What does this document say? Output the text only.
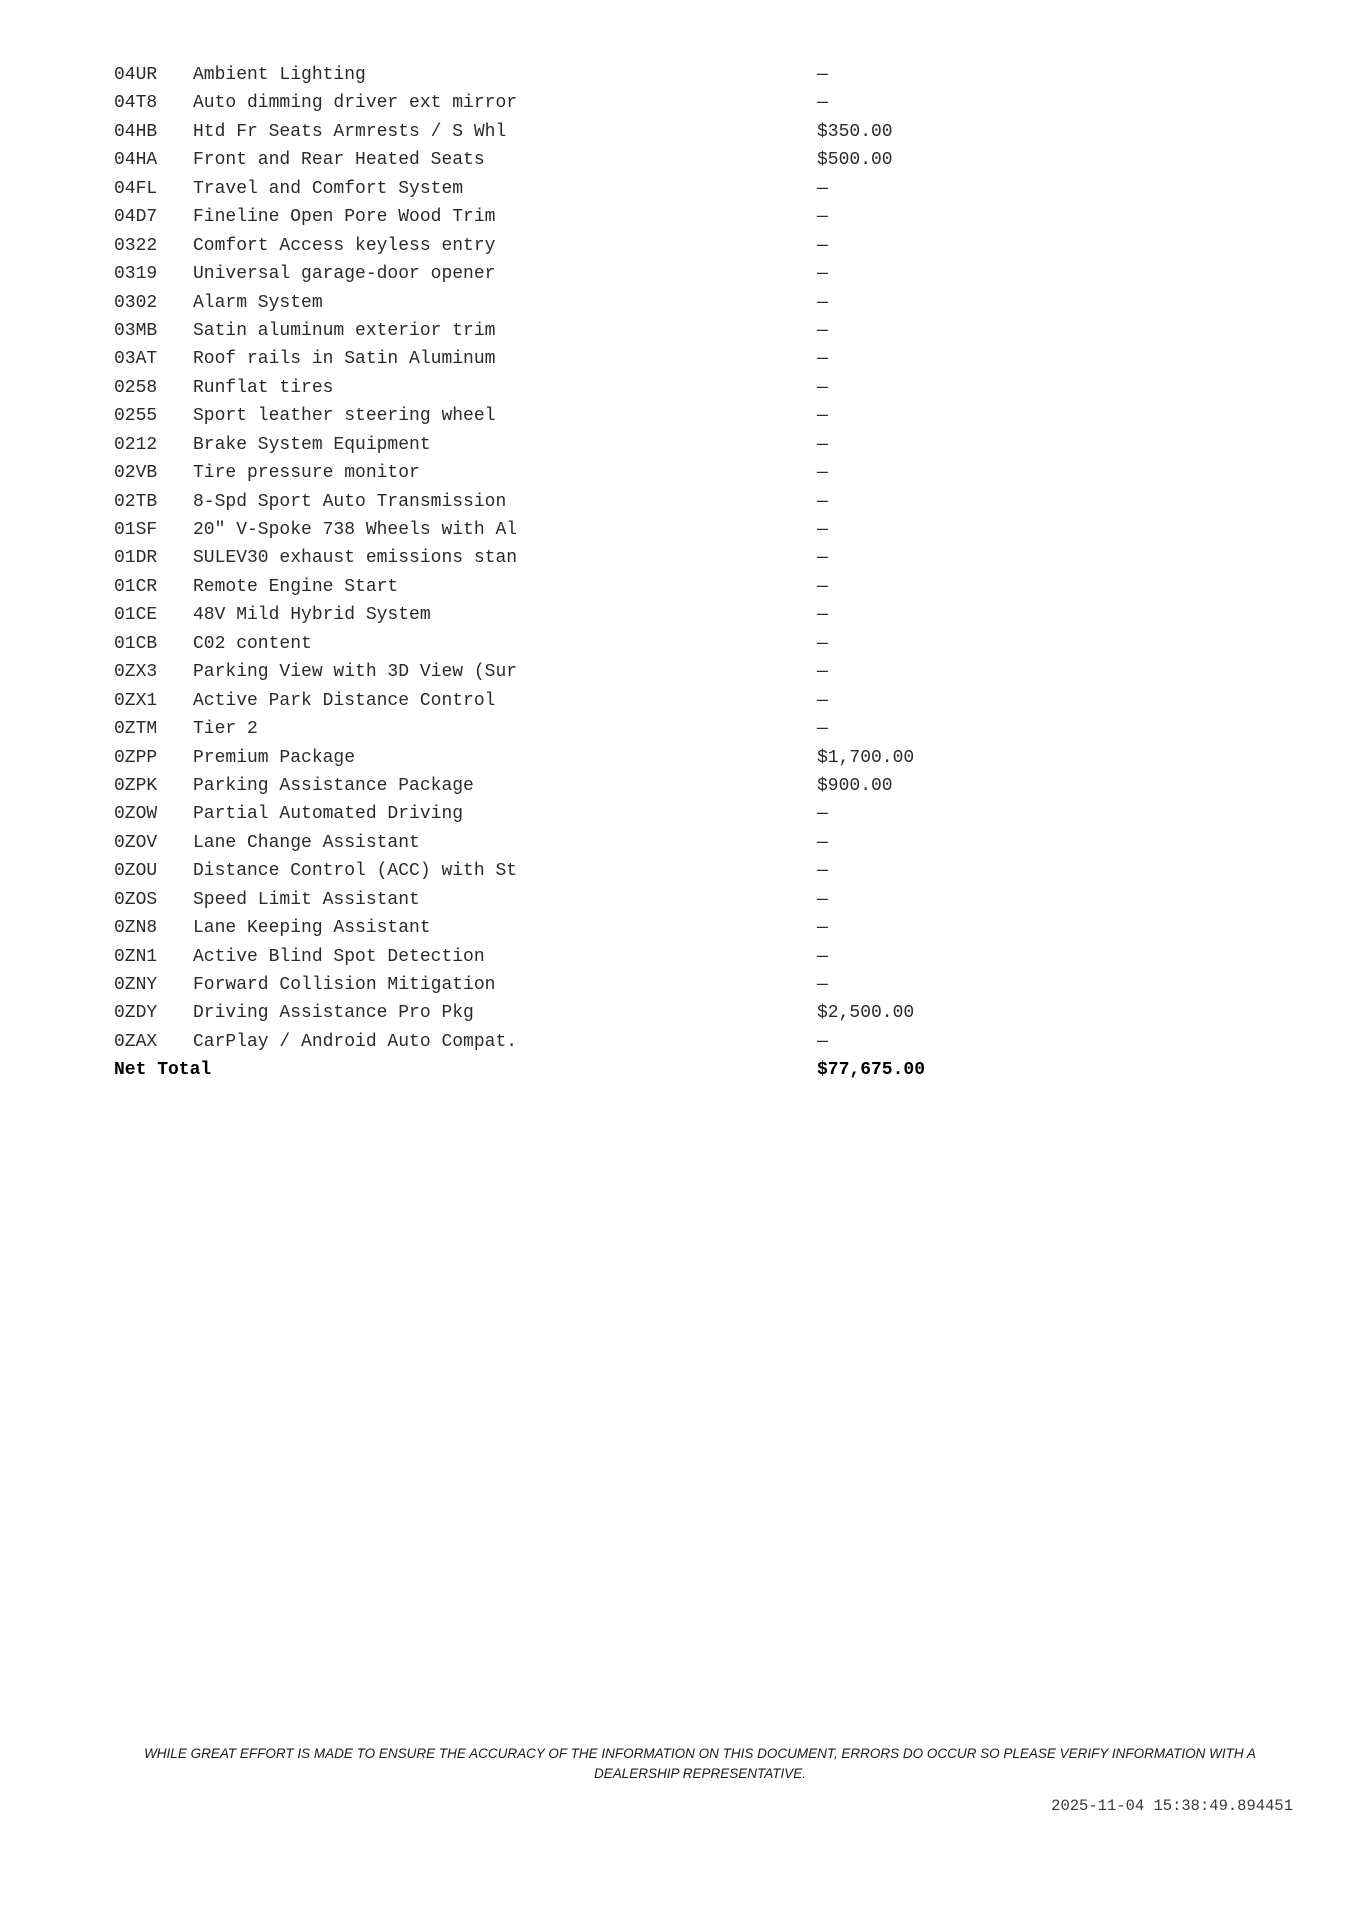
04UR Ambient Lighting	—
04T8 Auto dimming driver ext mirror	—
04HB Htd Fr Seats Armrests / S Whl	$350.00
04HA Front and Rear Heated Seats	$500.00
04FL Travel and Comfort System	—
04D7 Fineline Open Pore Wood Trim	—
0322 Comfort Access keyless entry	—
0319 Universal garage-door opener	—
0302 Alarm System	—
03MB Satin aluminum exterior trim	—
03AT Roof rails in Satin Aluminum	—
0258 Runflat tires	—
0255 Sport leather steering wheel	—
0212 Brake System Equipment	—
02VB Tire pressure monitor	—
02TB 8-Spd Sport Auto Transmission	—
01SF 20" V-Spoke 738 Wheels with Al	—
01DR SULEV30 exhaust emissions stan	—
01CR Remote Engine Start	—
01CE 48V Mild Hybrid System	—
01CB C02 content	—
0ZX3 Parking View with 3D View (Sur	—
0ZX1 Active Park Distance Control	—
0ZTM Tier 2	—
0ZPP Premium Package	$1,700.00
0ZPK Parking Assistance Package	$900.00
0ZOW Partial Automated Driving	—
0ZOV Lane Change Assistant	—
0ZOU Distance Control (ACC) with St	—
0ZOS Speed Limit Assistant	—
0ZN8 Lane Keeping Assistant	—
0ZN1 Active Blind Spot Detection	—
0ZNY Forward Collision Mitigation	—
0ZDY Driving Assistance Pro Pkg	$2,500.00
0ZAX CarPlay / Android Auto Compat.	—
Net Total	$77,675.00
WHILE GREAT EFFORT IS MADE TO ENSURE THE ACCURACY OF THE INFORMATION ON THIS DOCUMENT, ERRORS DO OCCUR SO PLEASE VERIFY INFORMATION WITH A
DEALERSHIP REPRESENTATIVE.
2025-11-04 15:38:49.894451
